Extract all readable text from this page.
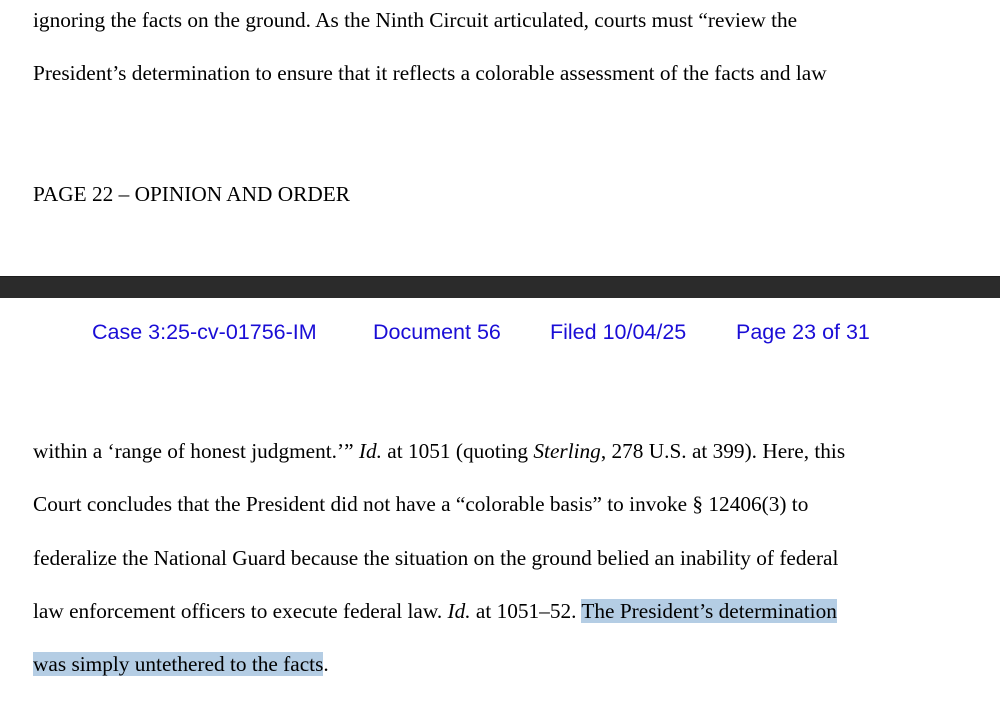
ignoring the facts on the ground. As the Ninth Circuit articulated, courts must “review the
President’s determination to ensure that it reflects a colorable assessment of the facts and law
PAGE 22 – OPINION AND ORDER
Case 3:25-cv-01756-IM	Document 56 Filed 10/04/25 Page 23 of 31
within a ‘range of honest judgment.’” Id. at 1051 (quoting Sterling, 278 U.S. at 399). Here, this
Court concludes that the President did not have a “colorable basis” to invoke § 12406(3) to
federalize the National Guard because the situation on the ground belied an inability of federal
law enforcement officers to execute federal law. Id. at 1051–52. The President’s determination
was simply untethered to the facts.
